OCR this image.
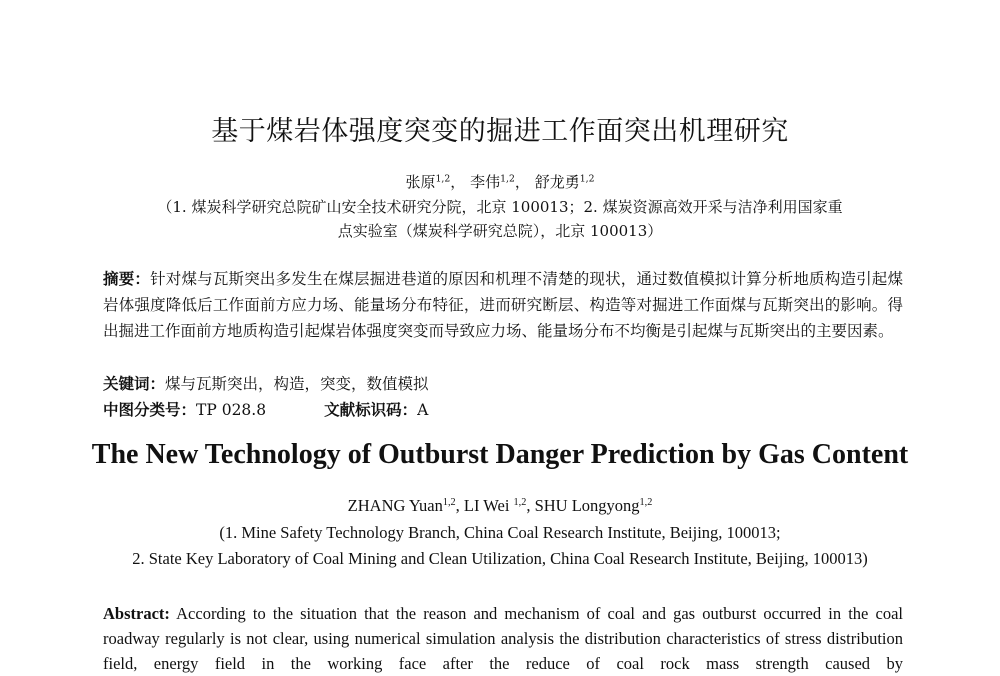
基于煤岩体强度突变的掘进工作面突出机理研究
张原$^{1,2}$， 李伟$^{1,2}$， 舒龙勇$^{1,2}$
（1. 煤炭科学研究总院矿山安全技术研究分院，北京 100013；2. 煤炭资源高效开采与洁净利用国家重
点实验室（煤炭科学研究总院），北京 100013）
摘要：针对煤与瓦斯突出多发生在煤层掘进巷道的原因和机理不清楚的现状，通过数值模拟计算分析地质构造引起煤岩体强度降低后工作面前方应力场、能量场分布特征，进而研究断层、构造等对掘进工作面煤与瓦斯突出的影响。得出掘进工作面前方地质构造引起煤岩体强度突变而导致应力场、能量场分布不均衡是引起煤与瓦斯突出的主要因素。
关键词：煤与瓦斯突出，构造，突变，数值模拟
中图分类号：TP 028.8	文献标识码：A
The New Technology of Outburst Danger Prediction by Gas Content
ZHANG Yuan$^{1,2}$, LI Wei $^{1,2}$, SHU Longyong$^{1,2}$
(1. Mine Safety Technology Branch, China Coal Research Institute, Beijing, 100013;
2. State Key Laboratory of Coal Mining and Clean Utilization, China Coal Research Institute, Beijing, 100013)
Abstract: According to the situation that the reason and mechanism of coal and gas outburst occurred in the coal roadway regularly is not clear, using numerical simulation analysis the distribution characteristics of stress distribution field, energy field in the working face after the reduce of coal rock mass strength caused by
